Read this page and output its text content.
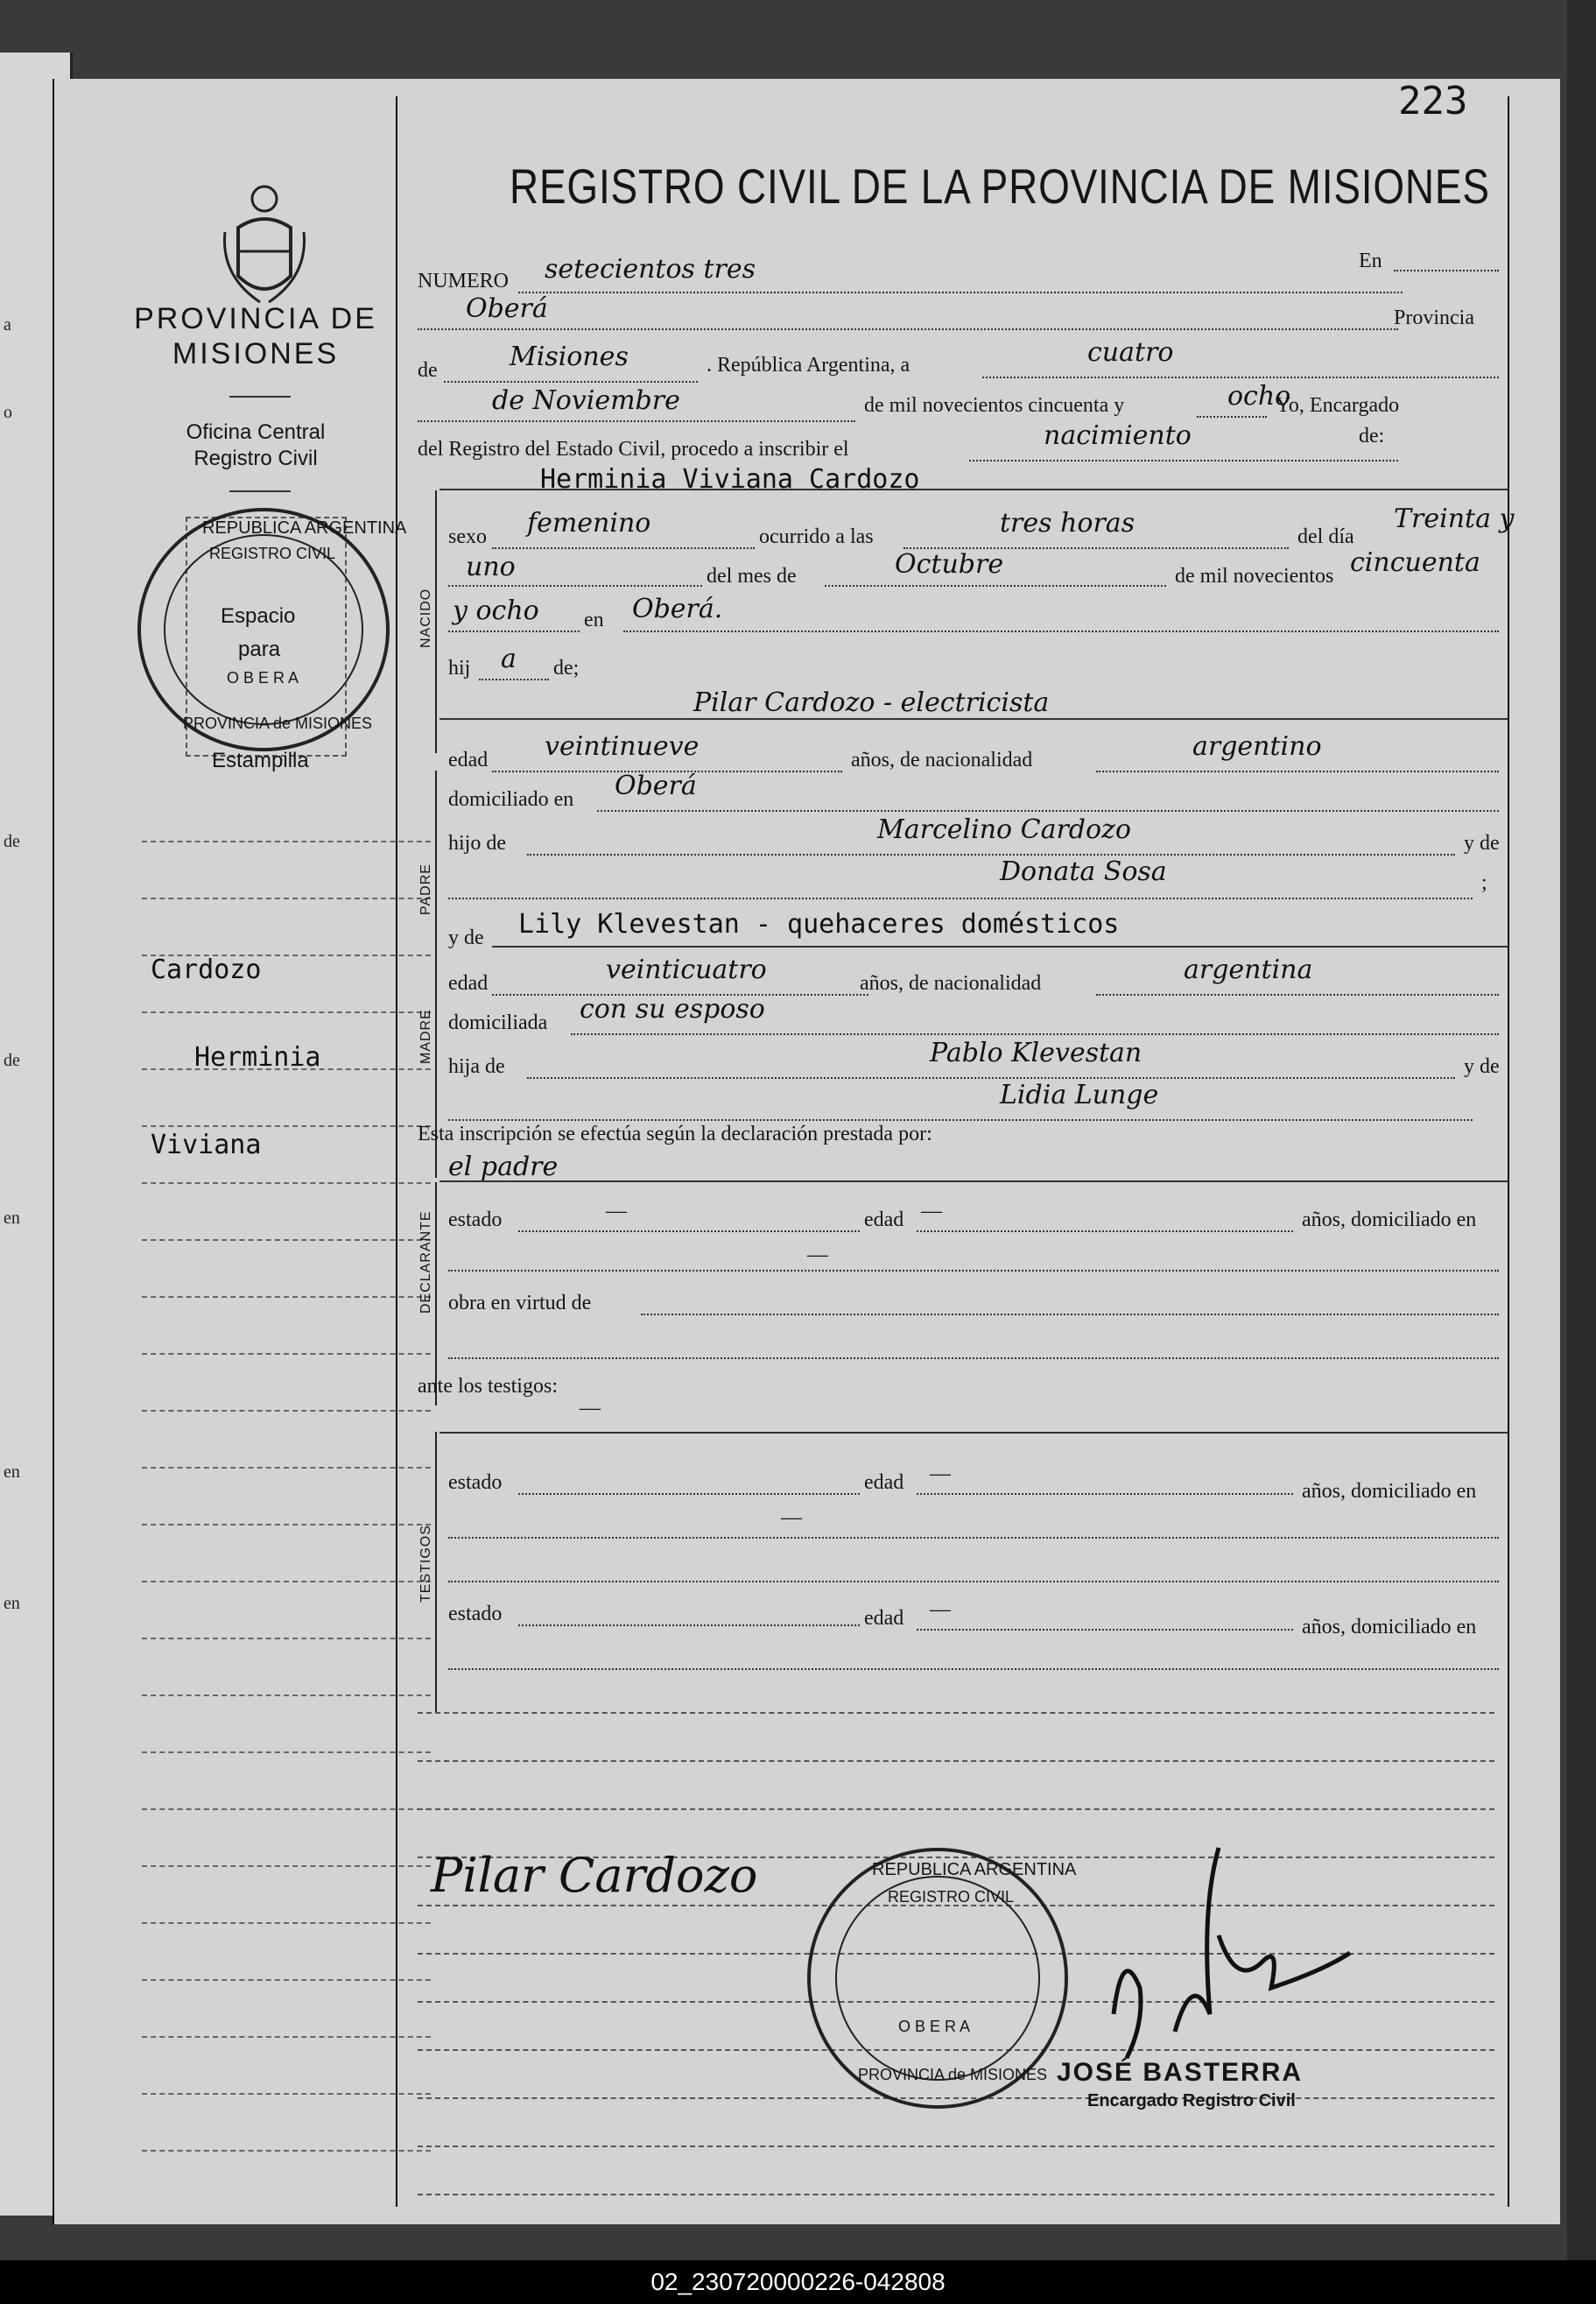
a
o
de
de
en
en
en
223
REGISTRO CIVIL DE LA PROVINCIA DE MISIONES
PROVINCIA DE
MISIONES
Oficina Central
Registro Civil
REPUBLICA ARGENTINA
REGISTRO CIVIL
O B E R A
PROVINCIA de MISIONES
Espacio
para
Estampilla
Cardozo
Herminia
Viviana
NUMERO setecientos tres	En
Oberá	Provincia
de	Misiones	. República Argentina, a	cuatro
de Noviembre	de mil novecientos cincuenta y	ocho
Yo, Encargado
del Registro del Estado Civil, procedo a inscribir el	nacimiento	de:
NACIDO
Herminia Viviana Cardozo
sexo femenino	ocurrido a las	tres horas	del día
Treinta y
uno	del mes de	Octubre	de mil novecientos cincuenta
y ocho en Oberá.
hij a de;
PADRE
Pilar Cardozo - electricista
edad veintinueve	años, de nacionalidad	argentino
domiciliado en Oberá
hijo de	Marcelino Cardozo	y de
Donata Sosa	;
MADRE
y de Lily Klevestan - quehaceres domésticos
edad	veinticuatro	años, de nacionalidad	argentina
domiciliada con su esposo
hija de	Pablo Klevestan	y de
Lidia Lunge
Esta inscripción se efectúa según la declaración prestada por:
el padre
DECLARANTE estado	—	edad —	años, domiciliado en
—
obra en virtud de
ante los testigos:
—
TESTIGOS
estado	edad —
años, domiciliado en
—
estado	edad —
años, domiciliado en
Pilar Cardozo	REPUBLICA ARGENTINA
REGISTRO CIVIL
O B E R A
PROVINCIA de MISIONES JOSÉ BASTERRA
Encargado Registro Civil
02_230720000226-042808
